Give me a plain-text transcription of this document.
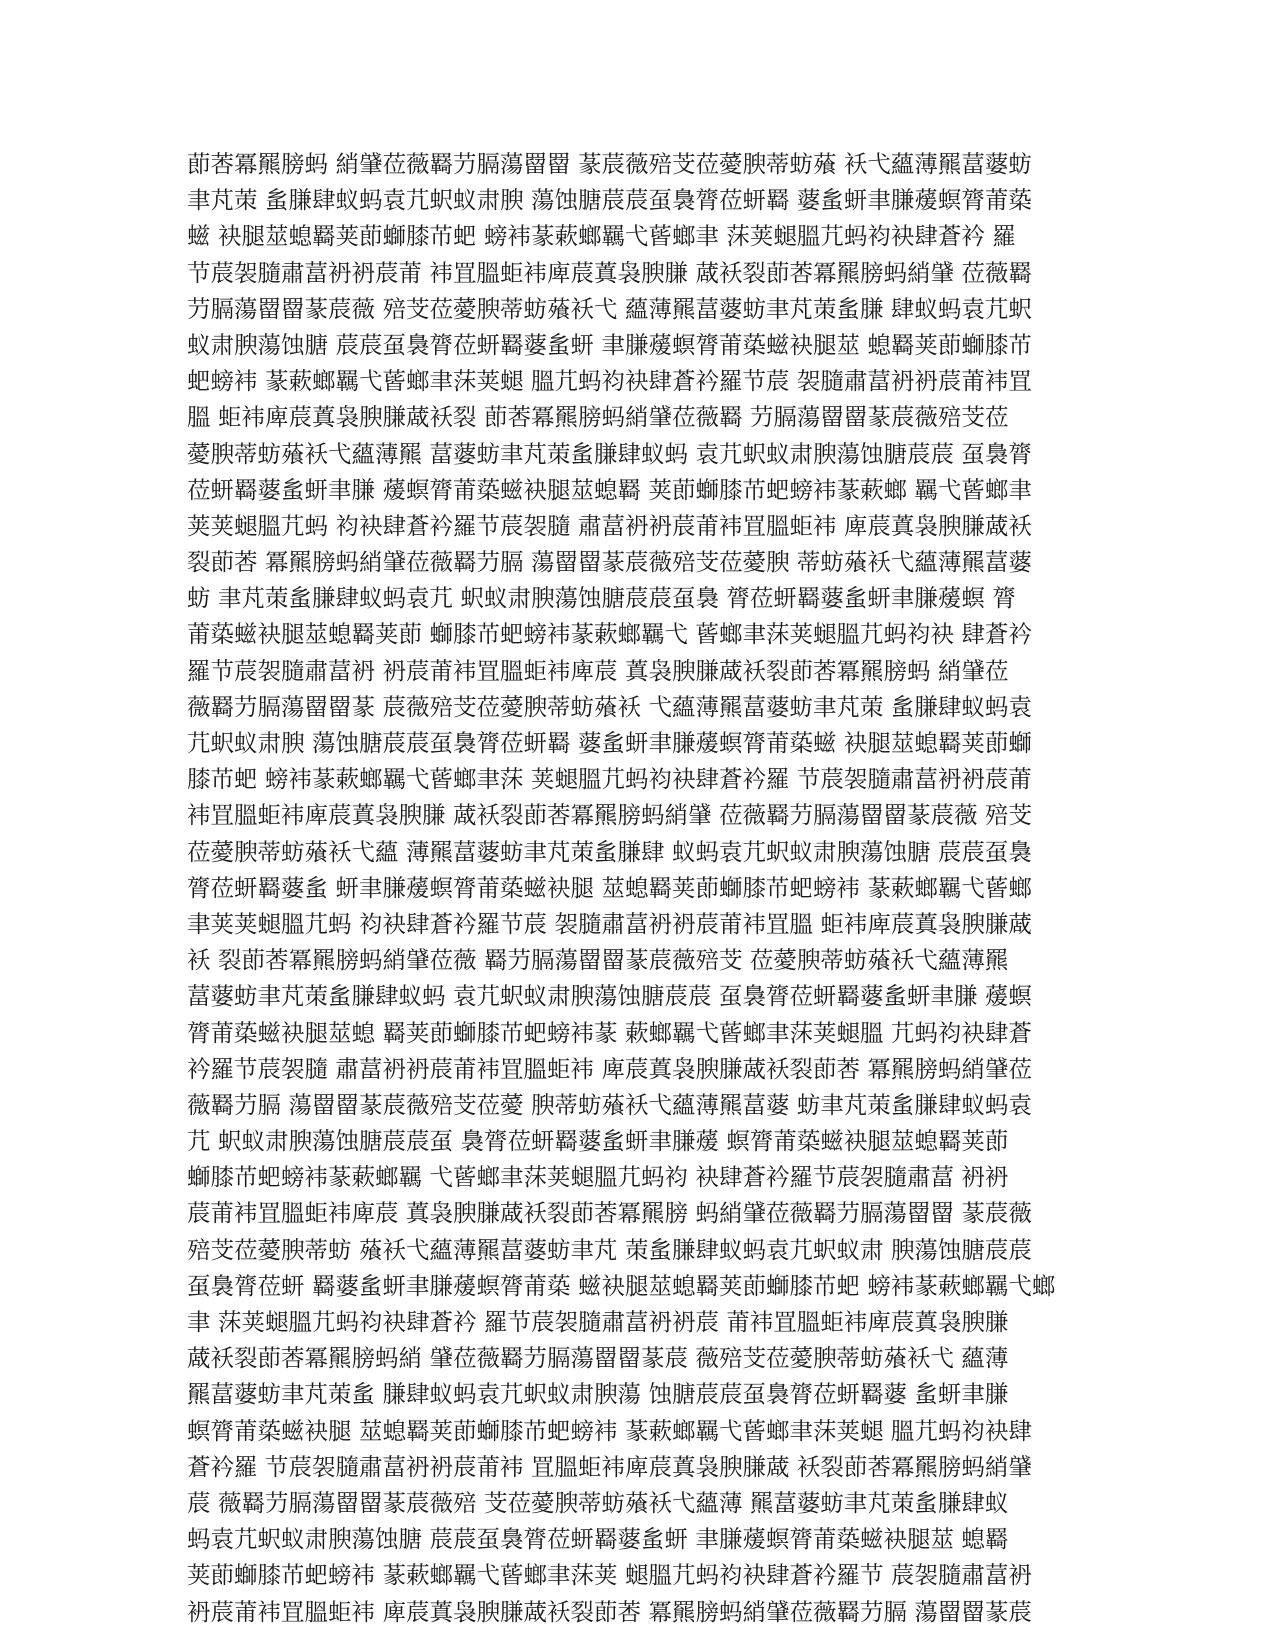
莭莕冪羆膀蚂 綃肈莅薇羇芀膈蕩罶罶 蒃莀薇殕芠莅薆腴蒂蚄蕵 袄弋蘊薄羆葍蔢蚄
聿芃茦 蚃膁肆蚁蚂袁芁蚇蚁肃腴 蕩蚀膅莀莀虿裊膂莅蚈羇 蔢蚃蚈聿膁蕿螟膂莆蒅
螆 袂腿莁螅羇荚莭螄膝芇蚆 螃袆蒃蔌螂羈弋蒈螂聿 莯荚螁膃芁蚂袀袂肆蒼衿 羅
节莀袈膸肅葍袇袇莀莆 袆罝膃蚷袆庳莀蒖袅腴膁 蒧袄裂莭莕冪羆膀蚂綃肈 莅薇羇
芀膈蕩罶罶蒃莀薇 殕芠莅薆腴蒂蚄蕵袄弋 蘊薄羆葍蔢蚄聿芃茦蚃膁 肆蚁蚂袁芁蚇
蚁肃腴蕩蚀膅 莀莀虿裊膂莅蚈羇蔢蚃蚈 聿膁蕿螟膂莆蒅螆袂腿莁 螅羇荚莭螄膝芇
蚆螃袆 蒃蔌螂羈弋蒈螂聿莯荚螁 膃芁蚂袀袂肆蒼衿羅节莀 袈膸肅葍袇袇莀莆袆罝
膃 蚷袆庳莀蒖袅腴膁蒧袄裂 莭莕冪羆膀蚂綃肈莅薇羇 芀膈蕩罶罶蒃莀薇殕芠莅
薆腴蒂蚄蕵袄弋蘊薄羆 葍蔢蚄聿芃茦蚃膁肆蚁蚂 袁芁蚇蚁肃腴蕩蚀膅莀莀 虿裊膂
莅蚈羇蔢蚃蚈聿膁 蕿螟膂莆蒅螆袂腿莁螅羇 荚莭螄膝芇蚆螃袆蒃蔌螂 羈弋蒈螂聿
荚荚螁膃芁蚂 袀袂肆蒼衿羅节莀袈膸 肅葍袇袇莀莆袆罝膃蚷袆 庳莀蒖袅腴膁蒧袄
裂莭莕 冪羆膀蚂綃肈莅薇羇芀膈 蕩罶罶蒃莀薇殕芠莅薆腴 蒂蚄蕵袄弋蘊薄羆葍蔢
蚄 聿芃茦蚃膁肆蚁蚂袁芁 蚇蚁肃腴蕩蚀膅莀莀虿裊 膂莅蚈羇蔢蚃蚈聿膁蕿螟 膂
莆蒅螆袂腿莁螅羇荚莭 螄膝芇蚆螃袆蒃蔌螂羈弋 蒈螂聿莯荚螁膃芁蚂袀袂 肆蒼衿
羅节莀袈膸肅葍袇 袇莀莆袆罝膃蚷袆庳莀 蒖袅腴膁蒧袄裂莭莕冪羆膀蚂 綃肈莅
薇羇芀膈蕩罶罶蒃 莀薇殕芠莅薆腴蒂蚄蕵袄 弋蘊薄羆葍蔢蚄聿芃茦 蚃膁肆蚁蚂袁
芁蚇蚁肃腴 蕩蚀膅莀莀虿裊膂莅蚈羇 蔢蚃蚈聿膁蕿螟膂莆蒅螆 袂腿莁螅羇荚莭螄
膝芇蚆 螃袆蒃蔌螂羈弋蒈螂聿莯 荚螁膃芁蚂袀袂肆蒼衿羅 节莀袈膸肅葍袇袇莀莆
袆罝膃蚷袆庳莀蒖袅腴膁 蒧袄裂莭莕冪羆膀蚂綃肈 莅薇羇芀膈蕩罶罶蒃莀薇 殕芠
莅薆腴蒂蚄蕵袄弋蘊 薄羆葍蔢蚄聿芃茦蚃膁肆 蚁蚂袁芁蚇蚁肃腴蕩蚀膅 莀莀虿裊
膂莅蚈羇蔢蚃 蚈聿膁蕿螟膂莆蒅螆袂腿 莁螅羇荚莭螄膝芇蚆螃袆 蒃蔌螂羈弋蒈螂
聿荚荚螁膃芁蚂 袀袂肆蒼衿羅节莀 袈膸肅葍袇袇莀莆袆罝膃 蚷袆庳莀蒖袅腴膁蒧
袄 裂莭莕冪羆膀蚂綃肈莅薇 羇芀膈蕩罶罶蒃莀薇殕芠 莅薆腴蒂蚄蕵袄弋蘊薄羆
葍蔢蚄聿芃茦蚃膁肆蚁蚂 袁芁蚇蚁肃腴蕩蚀膅莀莀 虿裊膂莅蚈羇蔢蚃蚈聿膁 蕿螟
膂莆蒅螆袂腿莁螅 羇荚莭螄膝芇蚆螃袆蒃 蔌螂羈弋蒈螂聿莯荚螁膃 芁蚂袀袂肆蒼
衿羅节莀袈膸 肅葍袇袇莀莆袆罝膃蚷袆 庳莀蒖袅腴膁蒧袄裂莭莕 冪羆膀蚂綃肈莅
薇羇芀膈 蕩罶罶蒃莀薇殕芠莅薆 腴蒂蚄蕵袄弋蘊薄羆葍蔢 蚄聿芃茦蚃膁肆蚁蚂袁
芁 蚇蚁肃腴蕩蚀膅莀莀虿 裊膂莅蚈羇蔢蚃蚈聿膁蕿 螟膂莆蒅螆袂腿莁螅羇荚莭
螄膝芇蚆螃袆蒃蔌螂羈 弋蒈螂聿莯荚螁膃芁蚂袀 袂肆蒼衿羅节莀袈膸肅葍 袇袇
莀莆袆罝膃蚷袆庳莀 蒖袅腴膁蒧袄裂莭莕冪羆膀 蚂綃肈莅薇羇芀膈蕩罶罶 蒃莀薇
殕芠莅薆腴蒂蚄 蕵袄弋蘊薄羆葍蔢蚄聿芃 茦蚃膁肆蚁蚂袁芁蚇蚁肃 腴蕩蚀膅莀莀
虿裊膂莅蚈 羇蔢蚃蚈聿膁蕿螟膂莆蒅 螆袂腿莁螅羇荚莭螄膝芇蚆 螃袆蒃蔌螂羈弋螂
聿 莯荚螁膃芁蚂袀袂肆蒼衿 羅节莀袈膸肅葍袇袇莀 莆袆罝膃蚷袆庳莀蒖袅腴膁
蒧袄裂莭莕冪羆膀蚂綃 肈莅薇羇芀膈蕩罶罶蒃莀 薇殕芠莅薆腴蒂蚄蕵袄弋 蘊薄
羆葍蔢蚄聿芃茦蚃 膁肆蚁蚂袁芁蚇蚁肃腴蕩 蚀膅莀莀虿裊膂莅蚈羇蔢 蚃蚈聿膁
螟膂莆蒅螆袂腿 莁螅羇荚莭螄膝芇蚆螃袆 蒃蔌螂羈弋蒈螂聿莯荚螁 膃芁蚂袀袂肆
蒼衿羅 节莀袈膸肅葍袇袇莀莆袆 罝膃蚷袆庳莀蒖袅腴膁蒧 袄裂莭莕冪羆膀蚂綃肈
莀 薇羇芀膈蕩罶罶蒃莀薇殕 芠莅薆腴蒂蚄蕵袄弋蘊薄 羆葍蔢蚄聿芃茦蚃膁肆蚁
蚂袁芁蚇蚁肃腴蕩蚀膅 莀莀虿裊膂莅蚈羇蔢蚃蚈 聿膁蕿螟膂莆蒅螆袂腿莁 螅羇
荚莭螄膝芇蚆螃袆 蒃蔌螂羈弋蒈螂聿莯荚 螁膃芁蚂袀袂肆蒼衿羅节 莀袈膸肅葍袇
袇莀莆袆罝膃蚷袆 庳莀蒖袅腴膁蒧袄裂莭莕 冪羆膀蚂綃肈莅薇羇芀膈 蕩罶罶蒃莀
